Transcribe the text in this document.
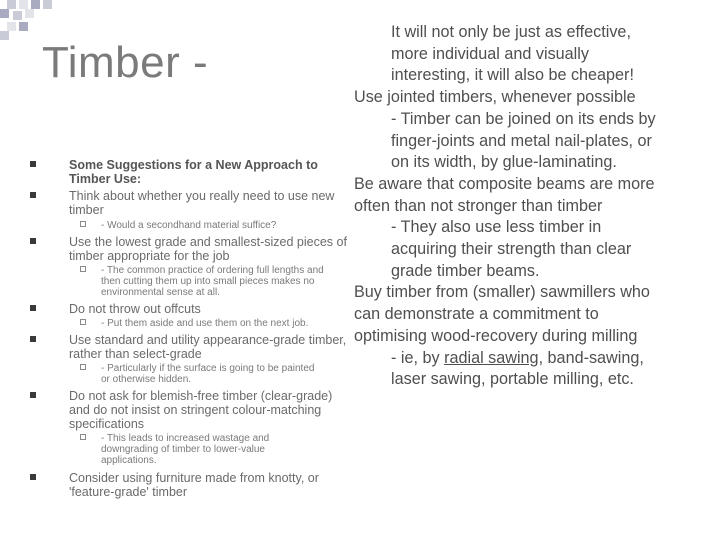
Timber -
Some Suggestions for a New Approach to Timber Use:
Think about whether you really need to use new timber
- Would a secondhand material suffice?
Use the lowest grade and smallest-sized pieces of timber appropriate for the job
- The common practice of ordering full lengths and then cutting them up into small pieces makes no environmental sense at all.
Do not throw out offcuts
- Put them aside and use them on the next job.
Use standard and utility appearance-grade timber, rather than select-grade
- Particularly if the surface is going to be painted or otherwise hidden.
Do not ask for blemish-free timber (clear-grade) and do not insist on stringent colour-matching specifications
- This leads to increased wastage and downgrading of timber to lower-value applications.
Consider using furniture made from knotty, or 'feature-grade' timber
It will not only be just as effective,
more individual and visually
interesting, it will also be cheaper!
Use jointed timbers, whenever possible
- Timber can be joined on its ends by
finger-joints and metal nail-plates, or
on its width, by glue-laminating.
Be aware that composite beams are more
often than not stronger than timber
- They also use less timber in
acquiring their strength than clear
grade timber beams.
Buy timber from (smaller) sawmillers who
can demonstrate a commitment to
optimising wood-recovery during milling
- ie, by radial sawing, band-sawing,
laser sawing, portable milling, etc.
